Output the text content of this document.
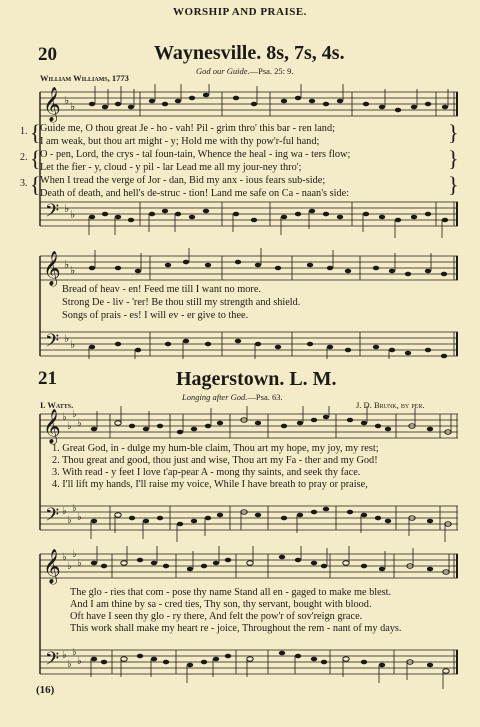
WORSHIP AND PRAISE.
20	Waynesville. 8s, 7s, 4s.
God our Guide.—Psa. 25: 9.
William Williams, 1773
𝄞
𝄢
♭ ♭
♭ ♭
1.
2.
3.
{
{
{
}
}
}
Guide me, O thou great Je - ho - vah! Pil - grim thro' this bar - ren land;
I am weak, but thou art might - y; Hold me with thy pow'r-ful hand;
O - pen, Lord, the crys - tal foun-tain, Whence the heal - ing wa - ters flow;
Let the fier - y, cloud - y pil - lar Lead me all my jour-ney thro';
When I tread the verge of Jor - dan, Bid my anx - ious fears sub-side;
Death of death, and hell's de-struc - tion! Land me safe on Ca - naan's side:
𝄞
𝄢
♭ ♭
♭ ♭
Bread of heav - en! Feed me till I want no more.
Strong De - liv - 'rer! Be thou still my strength and shield.
Songs of prais - es! I will ev - er give to thee.
21	Hagerstown. L. M.
I. Watts.
Longing after God.—Psa. 63.
J. D. Brunk, by per.
𝄞
𝄢
♭
♭
♭
♭
♭
♭
♭
♭
1. Great God, in - dulge my hum-ble claim, Thou art my hope, my joy, my rest;
2. Thou great and good, thou just and wise, Thou art my Fa - ther and my God!
3. With read - y feet I love t'ap-pear A - mong thy saints, and seek thy face.
4. I'll lift my hands, I'll raise my voice, While I have breath to pray or praise,
𝄞
𝄢
♭
♭
♭
♭
♭
♭
♭
♭
The glo - ries that com - pose thy name Stand all en - gaged to make me blest.
And I am thine by sa - cred ties, Thy son, thy servant, bought with blood.
Oft have I seen thy glo - ry there, And felt the pow'r of sov'reign grace.
This work shall make my heart re - joice, Throughout the rem - nant of my days.
(16)
